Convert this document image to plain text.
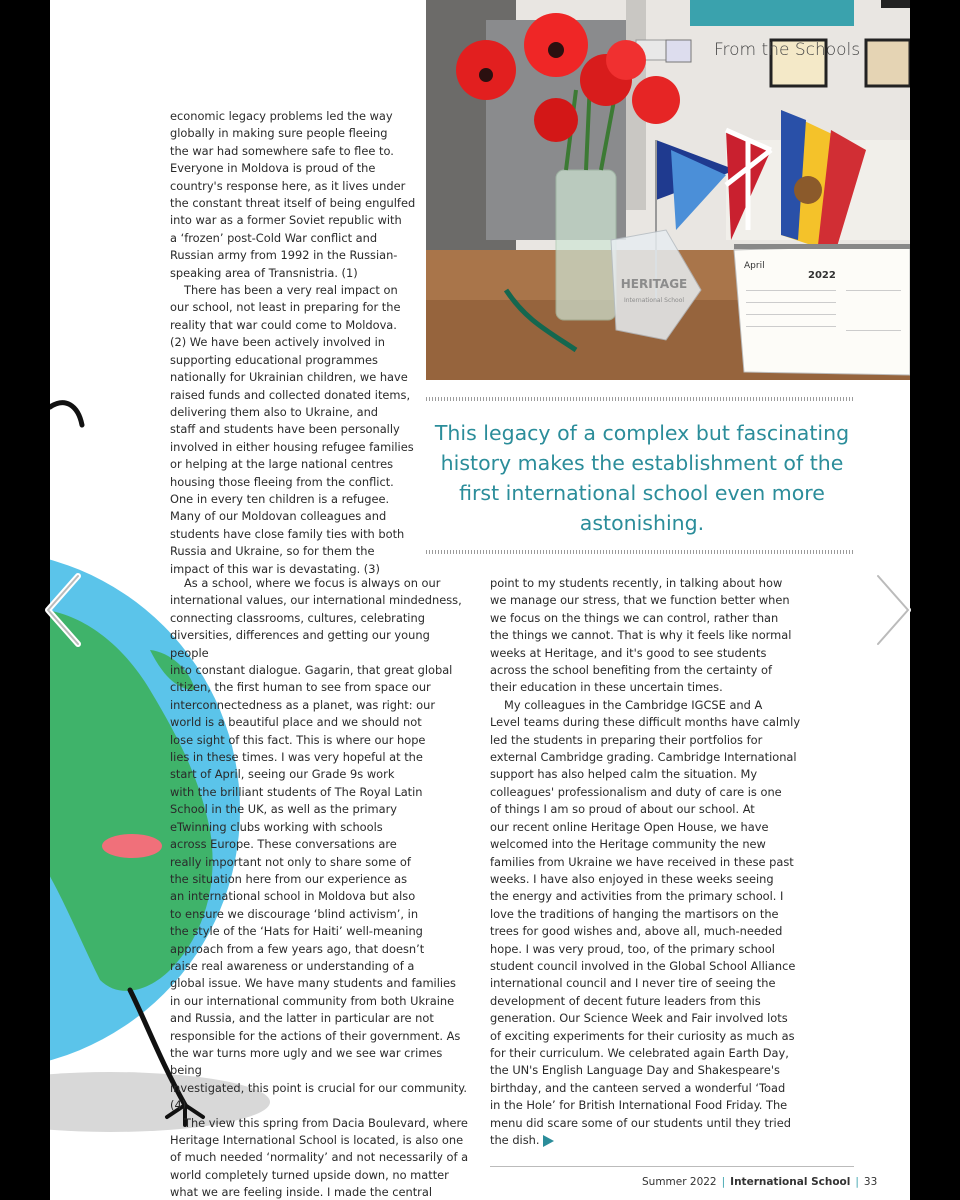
HERITAGE
International School
April
2022
From the Schools
This legacy of a complex but fascinating history makes the establishment of the first international school even more astonishing.

economic legacy problems led the way
globally in making sure people fleeing
the war had somewhere safe to flee to.
Everyone in Moldova is proud of the
country's response here, as it lives under
the constant threat itself of being engulfed
into war as a former Soviet republic with
a ‘frozen’ post-Cold War conflict and
Russian army from 1992 in the Russian-
speaking area of Transnistria. (1)

There has been a very real impact on
our school, not least in preparing for the
reality that war could come to Moldova.
(2) We have been actively involved in
supporting educational programmes
nationally for Ukrainian children, we have
raised funds and collected donated items,
delivering them also to Ukraine, and
staff and students have been personally
involved in either housing refugee families
or helping at the large national centres
housing those fleeing from the conflict.
One in every ten children is a refugee.
Many of our Moldovan colleagues and
students have close family ties with both
Russia and Ukraine, so for them the
impact of this war is devastating. (3)

As a school, where we focus is always on our
international values, our international mindedness,
connecting classrooms, cultures, celebrating
diversities, differences and getting our young people
into constant dialogue. Gagarin, that great global
citizen, the first human to see from space our
interconnectedness as a planet, was right: our
world is a beautiful place and we should not
lose sight of this fact. This is where our hope
lies in these times. I was very hopeful at the
start of April, seeing our Grade 9s work
with the brilliant students of The Royal Latin
School in the UK, as well as the primary
eTwinning clubs working with schools
across Europe. These conversations are
really important not only to share some of
the situation here from our experience as
an international school in Moldova but also
to ensure we discourage ‘blind activism’, in
the style of the ‘Hats for Haiti’ well-meaning
approach from a few years ago, that doesn’t
raise real awareness or understanding of a
global issue. We have many students and families
in our international community from both Ukraine
and Russia, and the latter in particular are not
responsible for the actions of their government. As
the war turns more ugly and we see war crimes being
investigated, this point is crucial for our community. (4)

The view this spring from Dacia Boulevard, where
Heritage International School is located, is also one
of much needed ‘normality’ and not necessarily of a
world completely turned upside down, no matter
what we are feeling inside. I made the central

point to my students recently, in talking about how
we manage our stress, that we function better when
we focus on the things we can control, rather than
the things we cannot. That is why it feels like normal
weeks at Heritage, and it's good to see students
across the school benefiting from the certainty of
their education in these uncertain times.

My colleagues in the Cambridge IGCSE and A
Level teams during these difficult months have calmly
led the students in preparing their portfolios for
external Cambridge grading. Cambridge International
support has also helped calm the situation. My
colleagues' professionalism and duty of care is one
of things I am so proud of about our school. At
our recent online Heritage Open House, we have
welcomed into the Heritage community the new
families from Ukraine we have received in these past
weeks. I have also enjoyed in these weeks seeing
the energy and activities from the primary school. I
love the traditions of hanging the martisors on the
trees for good wishes and, above all, much-needed
hope. I was very proud, too, of the primary school
student council involved in the Global School Alliance
international council and I never tire of seeing the
development of decent future leaders from this
generation. Our Science Week and Fair involved lots
of exciting experiments for their curiosity as much as
for their curriculum. We celebrated again Earth Day,
the UN's English Language Day and Shakespeare's
birthday, and the canteen served a wonderful ‘Toad
in the Hole’ for British International Food Friday. The
menu did scare some of our students until they tried
the dish.

Summer 2022 | International School | 33
